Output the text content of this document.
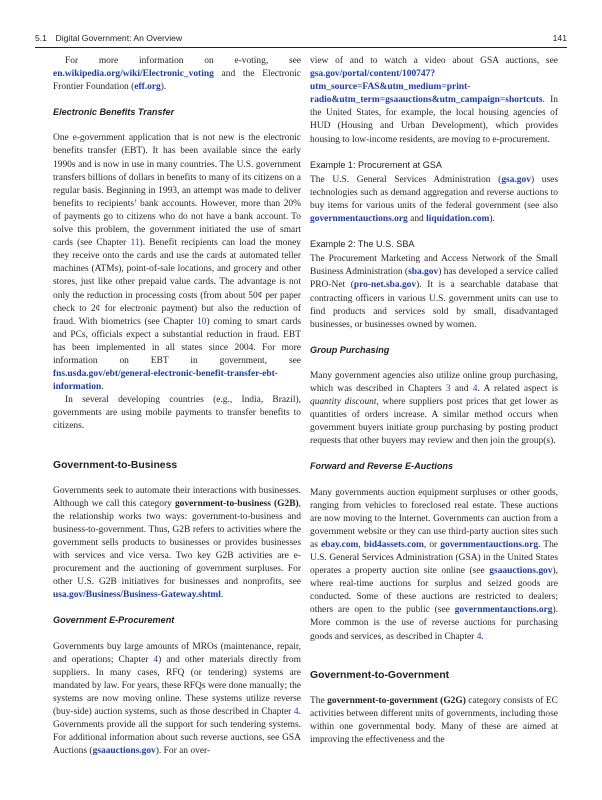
5.1 Digital Government: An Overview	141

For more information on e-voting, see en.wikipedia.org/wiki/Electronic_voting and the Electronic Frontier Foundation (eff.org).

Electronic Benefits Transfer

One e-government application that is not new is the electronic benefits transfer (EBT). It has been available since the early 1990s and is now in use in many countries. The U.S. government transfers billions of dollars in benefits to many of its citizens on a regular basis. Beginning in 1993, an attempt was made to deliver benefits to recipients’ bank accounts. However, more than 20% of payments go to citizens who do not have a bank account. To solve this problem, the government initiated the use of smart cards (see Chapter 11). Benefit recipients can load the money they receive onto the cards and use the cards at automated teller machines (ATMs), point-of-sale locations, and grocery and other stores, just like other prepaid value cards. The advantage is not only the reduction in processing costs (from about 50¢ per paper check to 2¢ for electronic payment) but also the reduction of fraud. With biometrics (see Chapter 10) coming to smart cards and PCs, officials expect a substantial reduction in fraud. EBT has been implemented in all states since 2004. For more information on EBT in government, see fns.usda.gov/ebt/general-electronic-benefit-transfer-ebt-information.

In several developing countries (e.g., India, Brazil), governments are using mobile payments to transfer benefits to citizens.

Government-to-Business

Governments seek to automate their interactions with businesses. Although we call this category government-to-business (G2B), the relationship works two ways: government-to-business and business-to-government. Thus, G2B refers to activities where the government sells products to businesses or provides businesses with services and vice versa. Two key G2B activities are e-procurement and the auctioning of government surpluses. For other U.S. G2B initiatives for businesses and nonprofits, see usa.gov/Business/Business-Gateway.shtml.

Government E-Procurement

Governments buy large amounts of MROs (maintenance, repair, and operations; Chapter 4) and other materials directly from suppliers. In many cases, RFQ (or tendering) systems are mandated by law. For years, these RFQs were done manually; the systems are now moving online. These systems utilize reverse (buy-side) auction systems, such as those described in Chapter 4. Governments provide all the support for such tendering systems. For additional information about such reverse auctions, see GSA Auctions (gsaauctions.gov). For an over-

view of and to watch a video about GSA auctions, see gsa.gov/portal/content/100747?utm_source=FAS&utm_medium=print-radio&utm_term=gsaauctions&utm_campaign=shortcuts. In the United States, for example, the local housing agencies of HUD (Housing and Urban Development), which provides housing to low-income residents, are moving to e-procurement.

Example 1: Procurement at GSA

The U.S. General Services Administration (gsa.gov) uses technologies such as demand aggregation and reverse auctions to buy items for various units of the federal government (see also governmentauctions.org and liquidation.com).

Example 2: The U.S. SBA

The Procurement Marketing and Access Network of the Small Business Administration (sba.gov) has developed a service called PRO-Net (pro-net.sba.gov). It is a searchable database that contracting officers in various U.S. government units can use to find products and services sold by small, disadvantaged businesses, or businesses owned by women.

Group Purchasing

Many government agencies also utilize online group purchasing, which was described in Chapters 3 and 4. A related aspect is quantity discount, where suppliers post prices that get lower as quantities of orders increase. A similar method occurs when government buyers initiate group purchasing by posting product requests that other buyers may review and then join the group(s).

Forward and Reverse E-Auctions

Many governments auction equipment surpluses or other goods, ranging from vehicles to foreclosed real estate. These auctions are now moving to the Internet. Governments can auction from a government website or they can use third-party auction sites such as ebay.com, bid4assets.com, or governmentauctions.org. The U.S. General Services Administration (GSA) in the United States operates a property auction site online (see gsaauctions.gov), where real-time auctions for surplus and seized goods are conducted. Some of these auctions are restricted to dealers; others are open to the public (see governmentauctions.org). More common is the use of reverse auctions for purchasing goods and services, as described in Chapter 4.

Government-to-Government

The government-to-government (G2G) category consists of EC activities between different units of governments, including those within one governmental body. Many of these are aimed at improving the effectiveness and the
